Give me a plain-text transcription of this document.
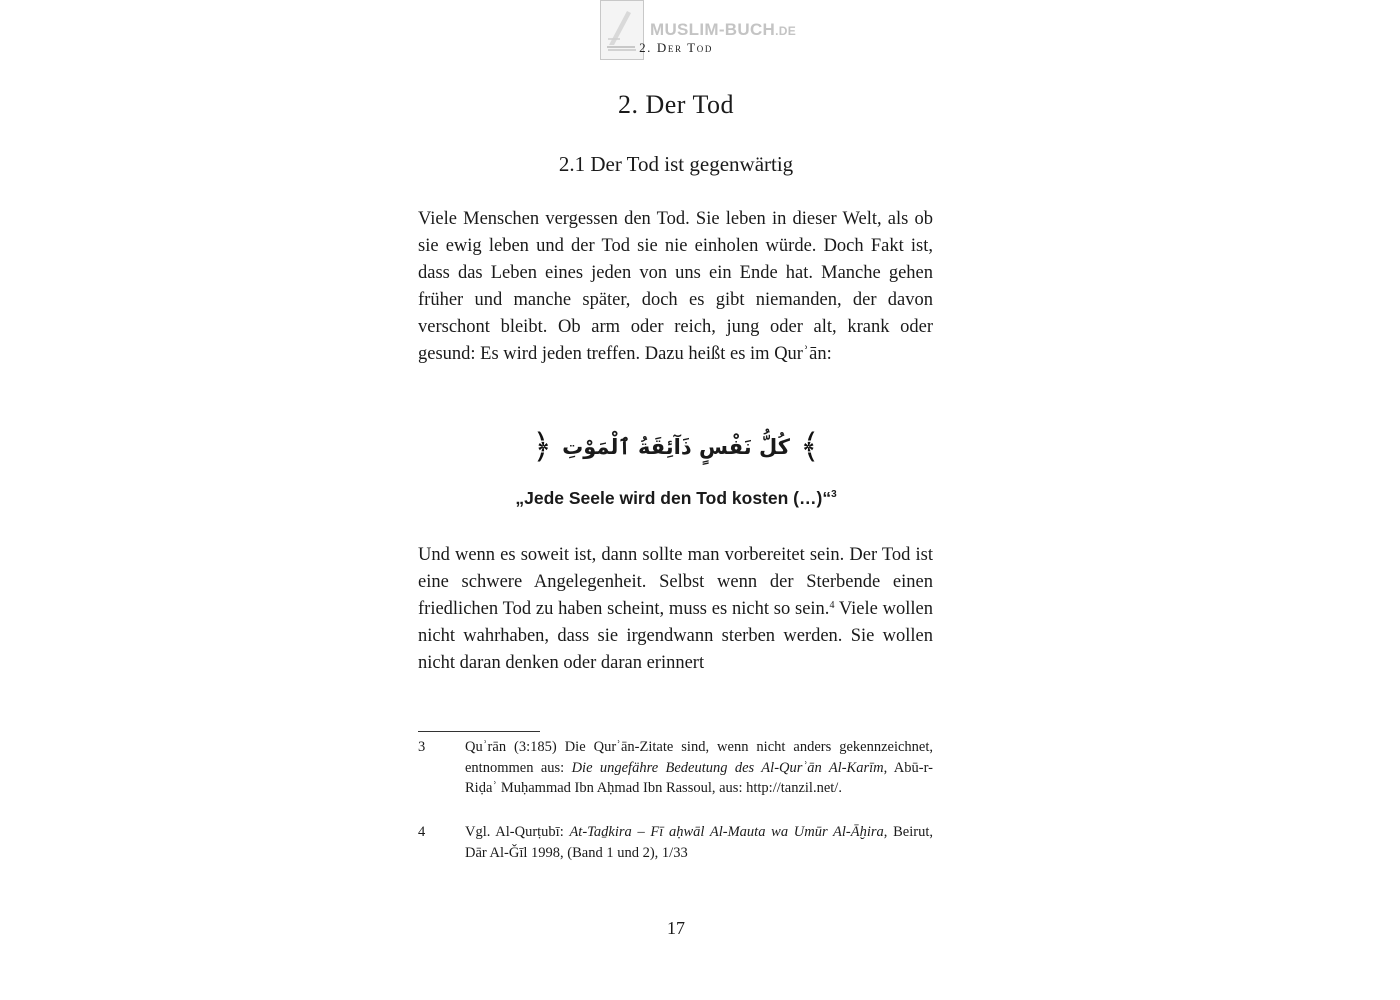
MUSLIM-BUCH.DE
2. Der Tod
2. Der Tod
2.1 Der Tod ist gegenwärtig

Viele Menschen vergessen den Tod. Sie leben in dieser Welt, als ob sie ewig leben und der Tod sie nie einholen würde. Doch Fakt ist, dass das Leben eines jeden von uns ein Ende hat. Manche gehen früher und manche später, doch es gibt niemanden, der davon verschont bleibt. Ob arm oder reich, jung oder alt, krank oder gesund: Es wird jeden treffen. Dazu heißt es im Qurʾān:

﴿ كُلُّ نَفْسٍ ذَآئِقَةُ ٱلْمَوْتِ ﴾
„Jede Seele wird den Tod kosten (…)“$^3$

Und wenn es soweit ist, dann sollte man vorbereitet sein. Der Tod ist eine schwere Angelegenheit. Selbst wenn der Sterbende einen friedlichen Tod zu haben scheint, muss es nicht so sein.$^4$ Viele wollen nicht wahrhaben, dass sie irgendwann sterben werden. Sie wollen nicht daran denken oder daran erinnert

3	Quʾrān (3:185) Die Qurʾān-Zitate sind, wenn nicht anders gekennzeichnet, entnommen aus: Die ungefähre Bedeutung des Al-Qurʾān Al-Karīm, Abū-r-Riḍaʾ Muḥammad Ibn Aḥmad Ibn Rassoul, aus: http://tanzil.net/.
4	Vgl. Al-Qurṭubī: At-Taḏkira – Fī aḥwāl Al-Mauta wa Umūr Al-Āḫira, Beirut, Dār Al-Ǧīl 1998, (Band 1 und 2), 1/33
17
